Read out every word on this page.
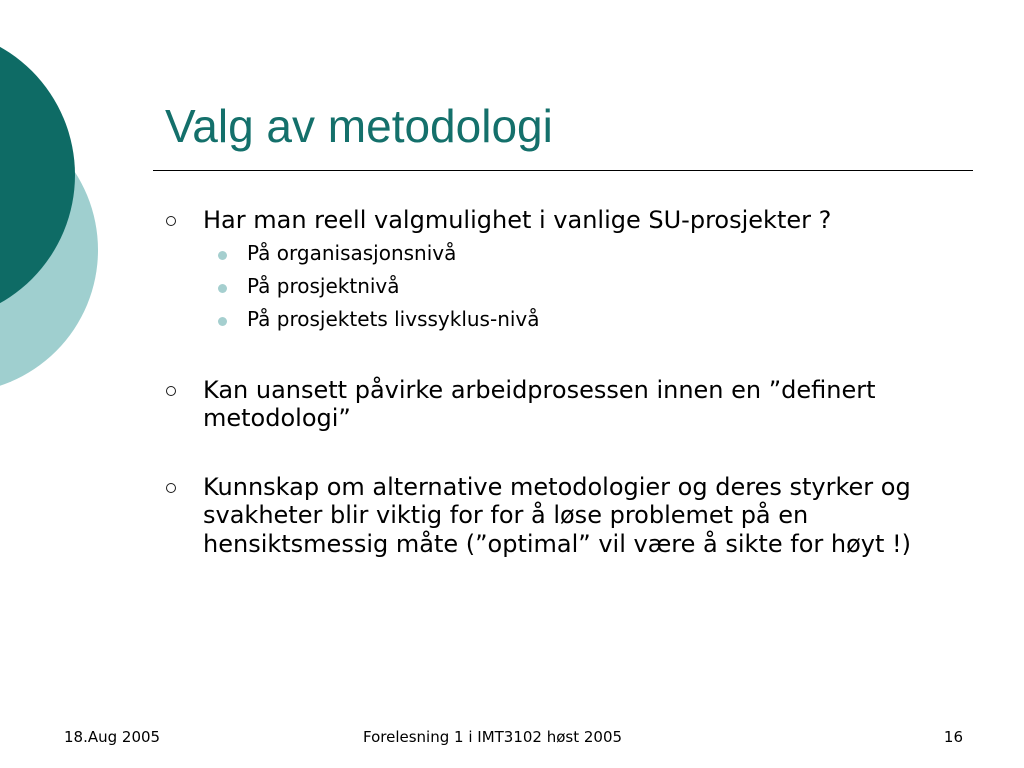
Valg av metodologi
Har man reell valgmulighet i vanlige SU-prosjekter ?
På organisasjonsnivå
På prosjektnivå
På prosjektets livssyklus-nivå
Kan uansett påvirke arbeidprosessen innen en ”definert metodologi”
Kunnskap om alternative metodologier og deres styrker og svakheter blir viktig for for å løse problemet på en hensiktsmessig måte (”optimal” vil være å sikte for høyt !)
18.Aug 2005	Forelesning 1 i IMT3102 høst 2005	16
